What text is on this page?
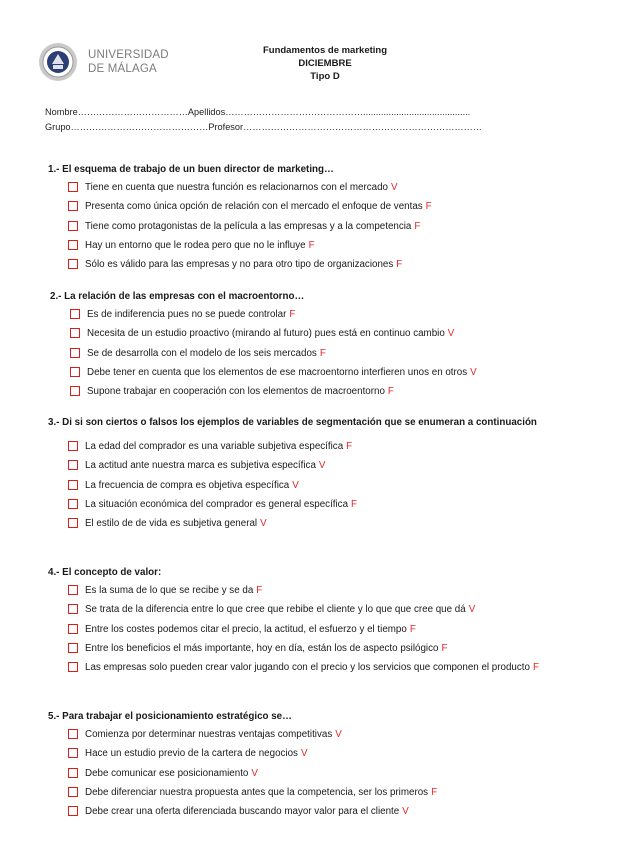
UNIVERSIDAD
DE MÁLAGA
Fundamentos de marketing
DICIEMBRE
Tipo D
Nombre………………………………Apellidos………………………………………..........................................
Grupo………………………………………Profesor……………………………………………………………………
1.- El esquema de trabajo de un buen director de marketing…
Tiene en cuenta que nuestra función es relacionarnos con el mercado V
Presenta como única opción de relación con el mercado el enfoque de ventas F
Tiene como protagonistas de la película a las empresas y a la competencia F
Hay un entorno que le rodea pero que no le influye F
Sólo es válido para las empresas y no para otro tipo de organizaciones F
2.- La relación de las empresas con el macroentorno…
Es de indiferencia pues no se puede controlar F
Necesita de un estudio proactivo (mirando al futuro) pues está en continuo cambio V
Se de desarrolla con el modelo de los seis mercados F
Debe tener en cuenta que los elementos de ese macroentorno interfieren unos en otros V
Supone trabajar en cooperación con los elementos de macroentorno F
3.- Di si son ciertos o falsos los ejemplos de variables de segmentación que se enumeran a continuación
La edad del comprador es una variable subjetiva específica F
La actitud ante nuestra marca es subjetiva específica V
La frecuencia de compra es objetiva específica V
La situación económica del comprador es general específica F
El estilo de de vida es subjetiva general V
4.- El concepto de valor:
Es la suma de lo que se recibe y se da F
Se trata de la diferencia entre lo que cree que rebibe el cliente y lo que que cree que dá V
Entre los costes podemos citar el precio, la actitud, el esfuerzo y el tiempo F
Entre los beneficios el más importante, hoy en día, están los de aspecto psilógico F
Las empresas solo pueden crear valor jugando con el precio y los servicios que componen el producto F
5.- Para trabajar el posicionamiento estratégico se…
Comienza por determinar nuestras ventajas competitivas V
Hace un estudio previo de la cartera de negocios V
Debe comunicar ese posicionamiento V
Debe diferenciar nuestra propuesta antes que la competencia, ser los primeros F
Debe crear una oferta diferenciada buscando mayor valor para el cliente V
